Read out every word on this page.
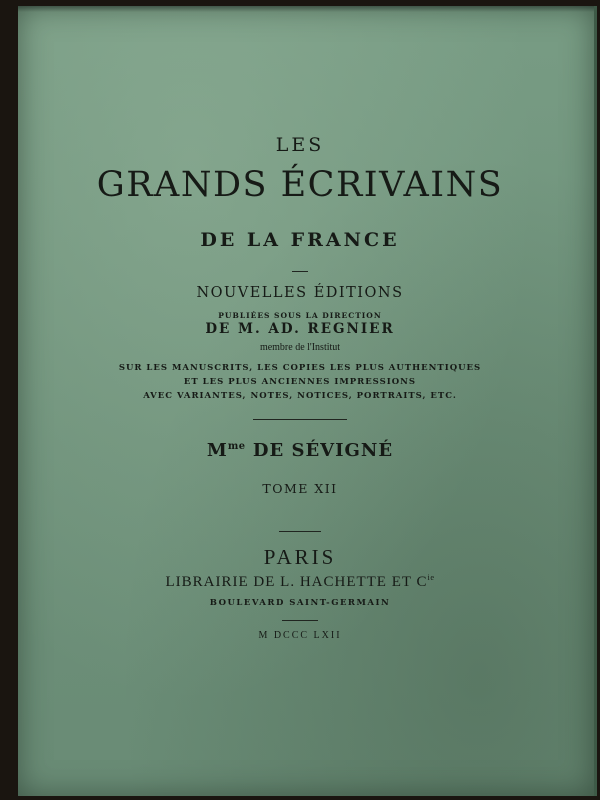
LES
GRANDS ÉCRIVAINS
DE LA FRANCE
NOUVELLES ÉDITIONS
PUBLIÉES SOUS LA DIRECTION
DE M. AD. REGNIER
membre de l'Institut
SUR LES MANUSCRITS, LES COPIES LES PLUS AUTHENTIQUES
ET LES PLUS ANCIENNES IMPRESSIONS
AVEC VARIANTES, NOTES, NOTICES, PORTRAITS, ETC.
$M^{me}$ DE SÉVIGNÉ
TOME XII
PARIS
LIBRAIRIE DE L. HACHETTE ET $C^{ie}$
BOULEVARD SAINT-GERMAIN
M DCCC LXII
